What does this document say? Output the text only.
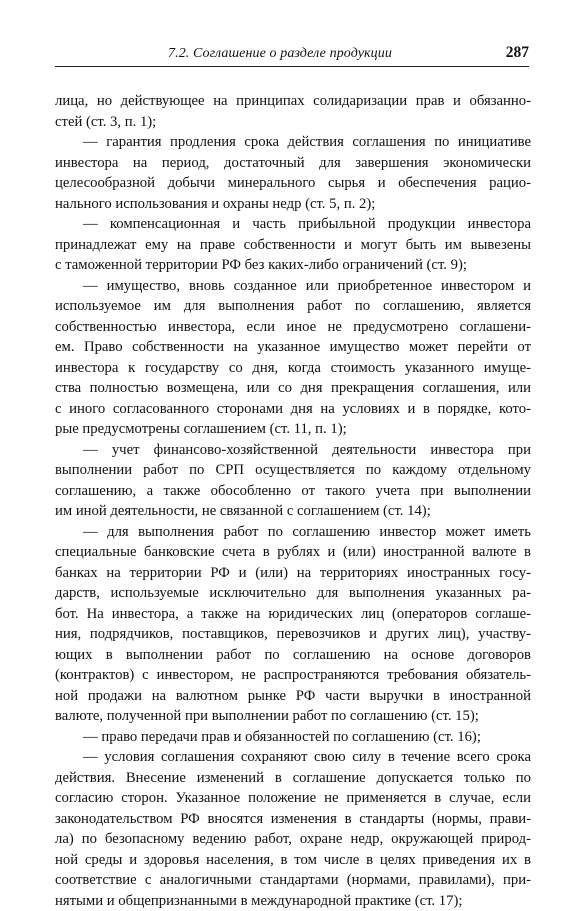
7.2. Соглашение о разделе продукции	287
лица, но действующее на принципах солидаризации прав и обязанно-
стей (ст. 3, п. 1);
— гарантия продления срока действия соглашения по инициативе
инвестора на период, достаточный для завершения экономически
целесообразной добычи минерального сырья и обеспечения рацио-
нального использования и охраны недр (ст. 5, п. 2);
— компенсационная и часть прибыльной продукции инвестора
принадлежат ему на праве собственности и могут быть им вывезены
с таможенной территории РФ без каких-либо ограничений (ст. 9);
— имущество, вновь созданное или приобретенное инвестором и
используемое им для выполнения работ по соглашению, является
собственностью инвестора, если иное не предусмотрено соглашени-
ем. Право собственности на указанное имущество может перейти от
инвестора к государству со дня, когда стоимость указанного имуще-
ства полностью возмещена, или со дня прекращения соглашения, или
с иного согласованного сторонами дня на условиях и в порядке, кото-
рые предусмотрены соглашением (ст. 11, п. 1);
— учет финансово-хозяйственной деятельности инвестора при
выполнении работ по СРП осуществляется по каждому отдельному
соглашению, а также обособленно от такого учета при выполнении
им иной деятельности, не связанной с соглашением (ст. 14);
— для выполнения работ по соглашению инвестор может иметь
специальные банковские счета в рублях и (или) иностранной валюте в
банках на территории РФ и (или) на территориях иностранных госу-
дарств, используемые исключительно для выполнения указанных ра-
бот. На инвестора, а также на юридических лиц (операторов соглаше-
ния, подрядчиков, поставщиков, перевозчиков и других лиц), участву-
ющих в выполнении работ по соглашению на основе договоров
(контрактов) с инвестором, не распространяются требования обязатель-
ной продажи на валютном рынке РФ части выручки в иностранной
валюте, полученной при выполнении работ по соглашению (ст. 15);
— право передачи прав и обязанностей по соглашению (ст. 16);
— условия соглашения сохраняют свою силу в течение всего срока
действия. Внесение изменений в соглашение допускается только по
согласию сторон. Указанное положение не применяется в случае, если
законодательством РФ вносятся изменения в стандарты (нормы, прави-
ла) по безопасному ведению работ, охране недр, окружающей природ-
ной среды и здоровья населения, в том числе в целях приведения их в
соответствие с аналогичными стандартами (нормами, правилами), при-
нятыми и общепризнанными в международной практике (ст. 17);
